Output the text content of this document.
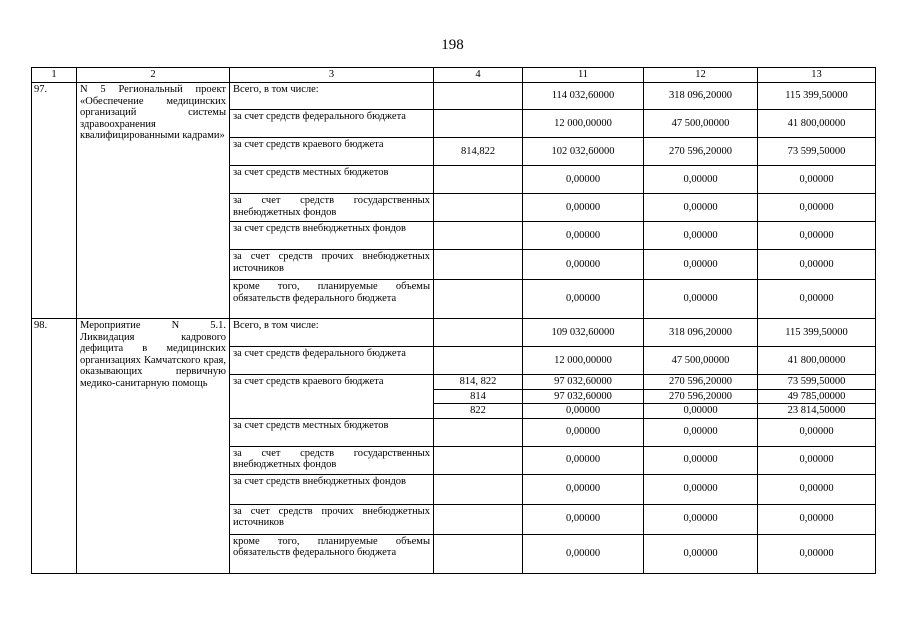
198
1	2	3	4	11	12	13
97.	N 5 Региональный проект «Обеспечение медицинских организаций системы здравоохранения квалифицированными кадрами»	Всего, в том числе:		114 032,60000	318 096,20000	115 399,50000
		за счет средств федерального бюджета		12 000,00000	47 500,00000	41 800,00000
		за счет средств краевого бюджета	814,822	102 032,60000	270 596,20000	73 599,50000
		за счет средств местных бюджетов		0,00000	0,00000	0,00000
		за счет средств государственных внебюджетных фондов		0,00000	0,00000	0,00000
		за счет средств внебюджетных фондов		0,00000	0,00000	0,00000
		за счет средств прочих внебюджетных источников		0,00000	0,00000	0,00000
		кроме того, планируемые объемы обязательств федерального бюджета		0,00000	0,00000	0,00000
98.	Мероприятие N 5.1. Ликвидация кадрового дефицита в медицинских организациях Камчатского края, оказывающих первичную медико-санитарную помощь	Всего, в том числе:		109 032,60000	318 096,20000	115 399,50000
		за счет средств федерального бюджета		12 000,00000	47 500,00000	41 800,00000
		за счет средств краевого бюджета	814, 822	97 032,60000	270 596,20000	73 599,50000
			814	97 032,60000	270 596,20000	49 785,00000
			822	0,00000	0,00000	23 814,50000
		за счет средств местных бюджетов		0,00000	0,00000	0,00000
		за счет средств государственных внебюджетных фондов		0,00000	0,00000	0,00000
		за счет средств внебюджетных фондов		0,00000	0,00000	0,00000
		за счет средств прочих внебюджетных источников		0,00000	0,00000	0,00000
		кроме того, планируемые объемы обязательств федерального бюджета		0,00000	0,00000	0,00000
